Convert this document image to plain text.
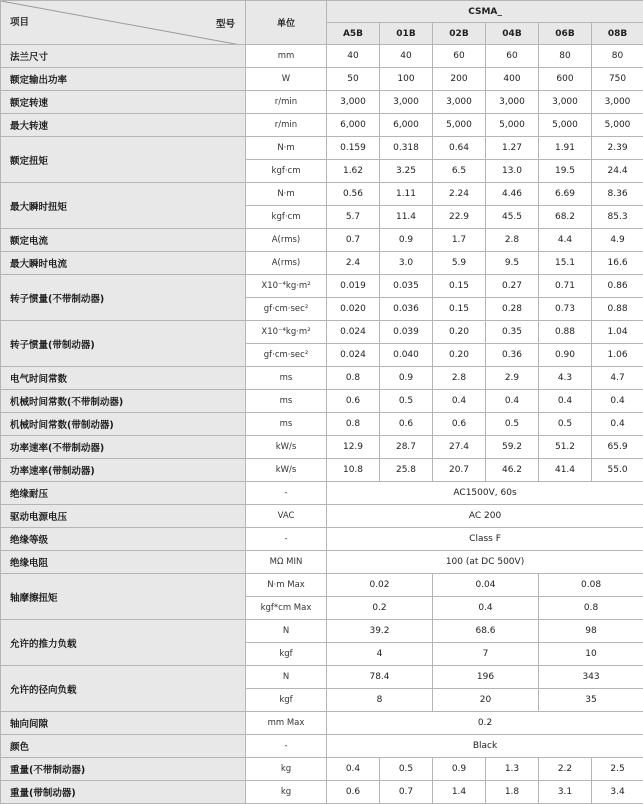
项目 型号	单位	CSMA_					
		A5B	01B	02B	04B	06B	08B
法兰尺寸	mm	40	40	60	60	80	80
额定输出功率	W	50	100	200	400	600	750
额定转速	r/min	3,000	3,000	3,000	3,000	3,000	3,000
最大转速	r/min	6,000	6,000	5,000	5,000	5,000	5,000
额定扭矩	N·m	0.159	0.318	0.64	1.27	1.91	2.39
	kgf·cm	1.62	3.25	6.5	13.0	19.5	24.4
最大瞬时扭矩	N·m	0.56	1.11	2.24	4.46	6.69	8.36
	kgf·cm	5.7	11.4	22.9	45.5	68.2	85.3
额定电流	A(rms)	0.7	0.9	1.7	2.8	4.4	4.9
最大瞬时电流	A(rms)	2.4	3.0	5.9	9.5	15.1	16.6
转子惯量(不带制动器)	X10⁻⁴kg·m²	0.019	0.035	0.15	0.27	0.71	0.86
	gf·cm·sec²	0.020	0.036	0.15	0.28	0.73	0.88
转子惯量(带制动器)	X10⁻⁴kg·m²	0.024	0.039	0.20	0.35	0.88	1.04
	gf·cm·sec²	0.024	0.040	0.20	0.36	0.90	1.06
电气时间常数	ms	0.8	0.9	2.8	2.9	4.3	4.7
机械时间常数(不带制动器)	ms	0.6	0.5	0.4	0.4	0.4	0.4
机械时间常数(带制动器)	ms	0.8	0.6	0.6	0.5	0.5	0.4
功率速率(不带制动器)	kW/s	12.9	28.7	27.4	59.2	51.2	65.9
功率速率(带制动器)	kW/s	10.8	25.8	20.7	46.2	41.4	55.0
绝缘耐压	-	AC1500V, 60s					
驱动电源电压	VAC	AC 200					
绝缘等级	-	Class F					
绝缘电阻	MΩ MIN	100 (at DC 500V)					
轴摩擦扭矩	N·m Max	0.02		0.04		0.08	
	kgf*cm Max	0.2		0.4		0.8	
允许的推力负载	N	39.2		68.6		98	
	kgf	4		7		10	
允许的径向负载	N	78.4		196		343	
	kgf	8		20		35	
轴向间隙	mm Max	0.2					
颜色	-	Black					
重量(不带制动器)	kg	0.4	0.5	0.9	1.3	2.2	2.5
重量(带制动器)	kg	0.6	0.7	1.4	1.8	3.1	3.4
